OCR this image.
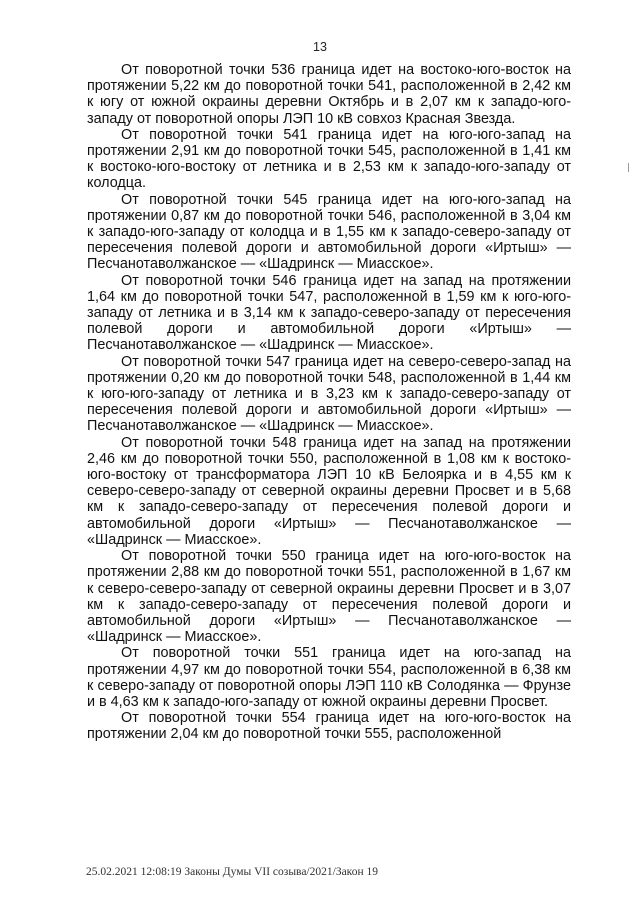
13

От поворотной точки 536 граница идет на востоко-юго-восток на протяжении 5,22 км до поворотной точки 541, расположенной в 2,42 км к югу от южной окраины деревни Октябрь и в 2,07 км к западо-юго-западу от поворотной опоры ЛЭП 10 кВ совхоз Красная Звезда.

От поворотной точки 541 граница идет на юго-юго-запад на протяжении 2,91 км до поворотной точки 545, расположенной в 1,41 км к востоко-юго-востоку от летника и в 2,53 км к западо-юго-западу от колодца.

От поворотной точки 545 граница идет на юго-юго-запад на протяжении 0,87 км до поворотной точки 546, расположенной в 3,04 км к западо-юго-западу от колодца и в 1,55 км к западо-северо-западу от пересечения полевой дороги и автомобильной дороги «Иртыш» — Песчанотаволжанское — «Шадринск — Миасское».

От поворотной точки 546 граница идет на запад на протяжении 1,64 км до поворотной точки 547, расположенной в 1,59 км к юго-юго-западу от летника и в 3,14 км к западо-северо-западу от пересечения полевой дороги и автомобильной дороги «Иртыш» — Песчанотаволжанское — «Шадринск — Миасское».

От поворотной точки 547 граница идет на северо-северо-запад на протяжении 0,20 км до поворотной точки 548, расположенной в 1,44 км к юго-юго-западу от летника и в 3,23 км к западо-северо-западу от пересечения полевой дороги и автомобильной дороги «Иртыш» — Песчанотаволжанское — «Шадринск — Миасское».

От поворотной точки 548 граница идет на запад на протяжении 2,46 км до поворотной точки 550, расположенной в 1,08 км к востоко-юго-востоку от трансформатора ЛЭП 10 кВ Белоярка и в 4,55 км к северо-северо-западу от северной окраины деревни Просвет и в 5,68 км к западо-северо-западу от пересечения полевой дороги и автомобильной дороги «Иртыш» — Песчанотаволжанское — «Шадринск — Миасское».

От поворотной точки 550 граница идет на юго-юго-восток на протяжении 2,88 км до поворотной точки 551, расположенной в 1,67 км к северо-северо-западу от северной окраины деревни Просвет и в 3,07 км к западо-северо-западу от пересечения полевой дороги и автомобильной дороги «Иртыш» — Песчанотаволжанское — «Шадринск — Миасское».

От поворотной точки 551 граница идет на юго-запад на протяжении 4,97 км до поворотной точки 554, расположенной в 6,38 км к северо-западу от поворотной опоры ЛЭП 110 кВ Солодянка — Фрунзе и в 4,63 км к западо-юго-западу от южной окраины деревни Просвет.

От поворотной точки 554 граница идет на юго-юго-восток на протяжении 2,04 км до поворотной точки 555, расположенной

25.02.2021 12:08:19 Законы Думы VII созыва/2021/Закон 19
